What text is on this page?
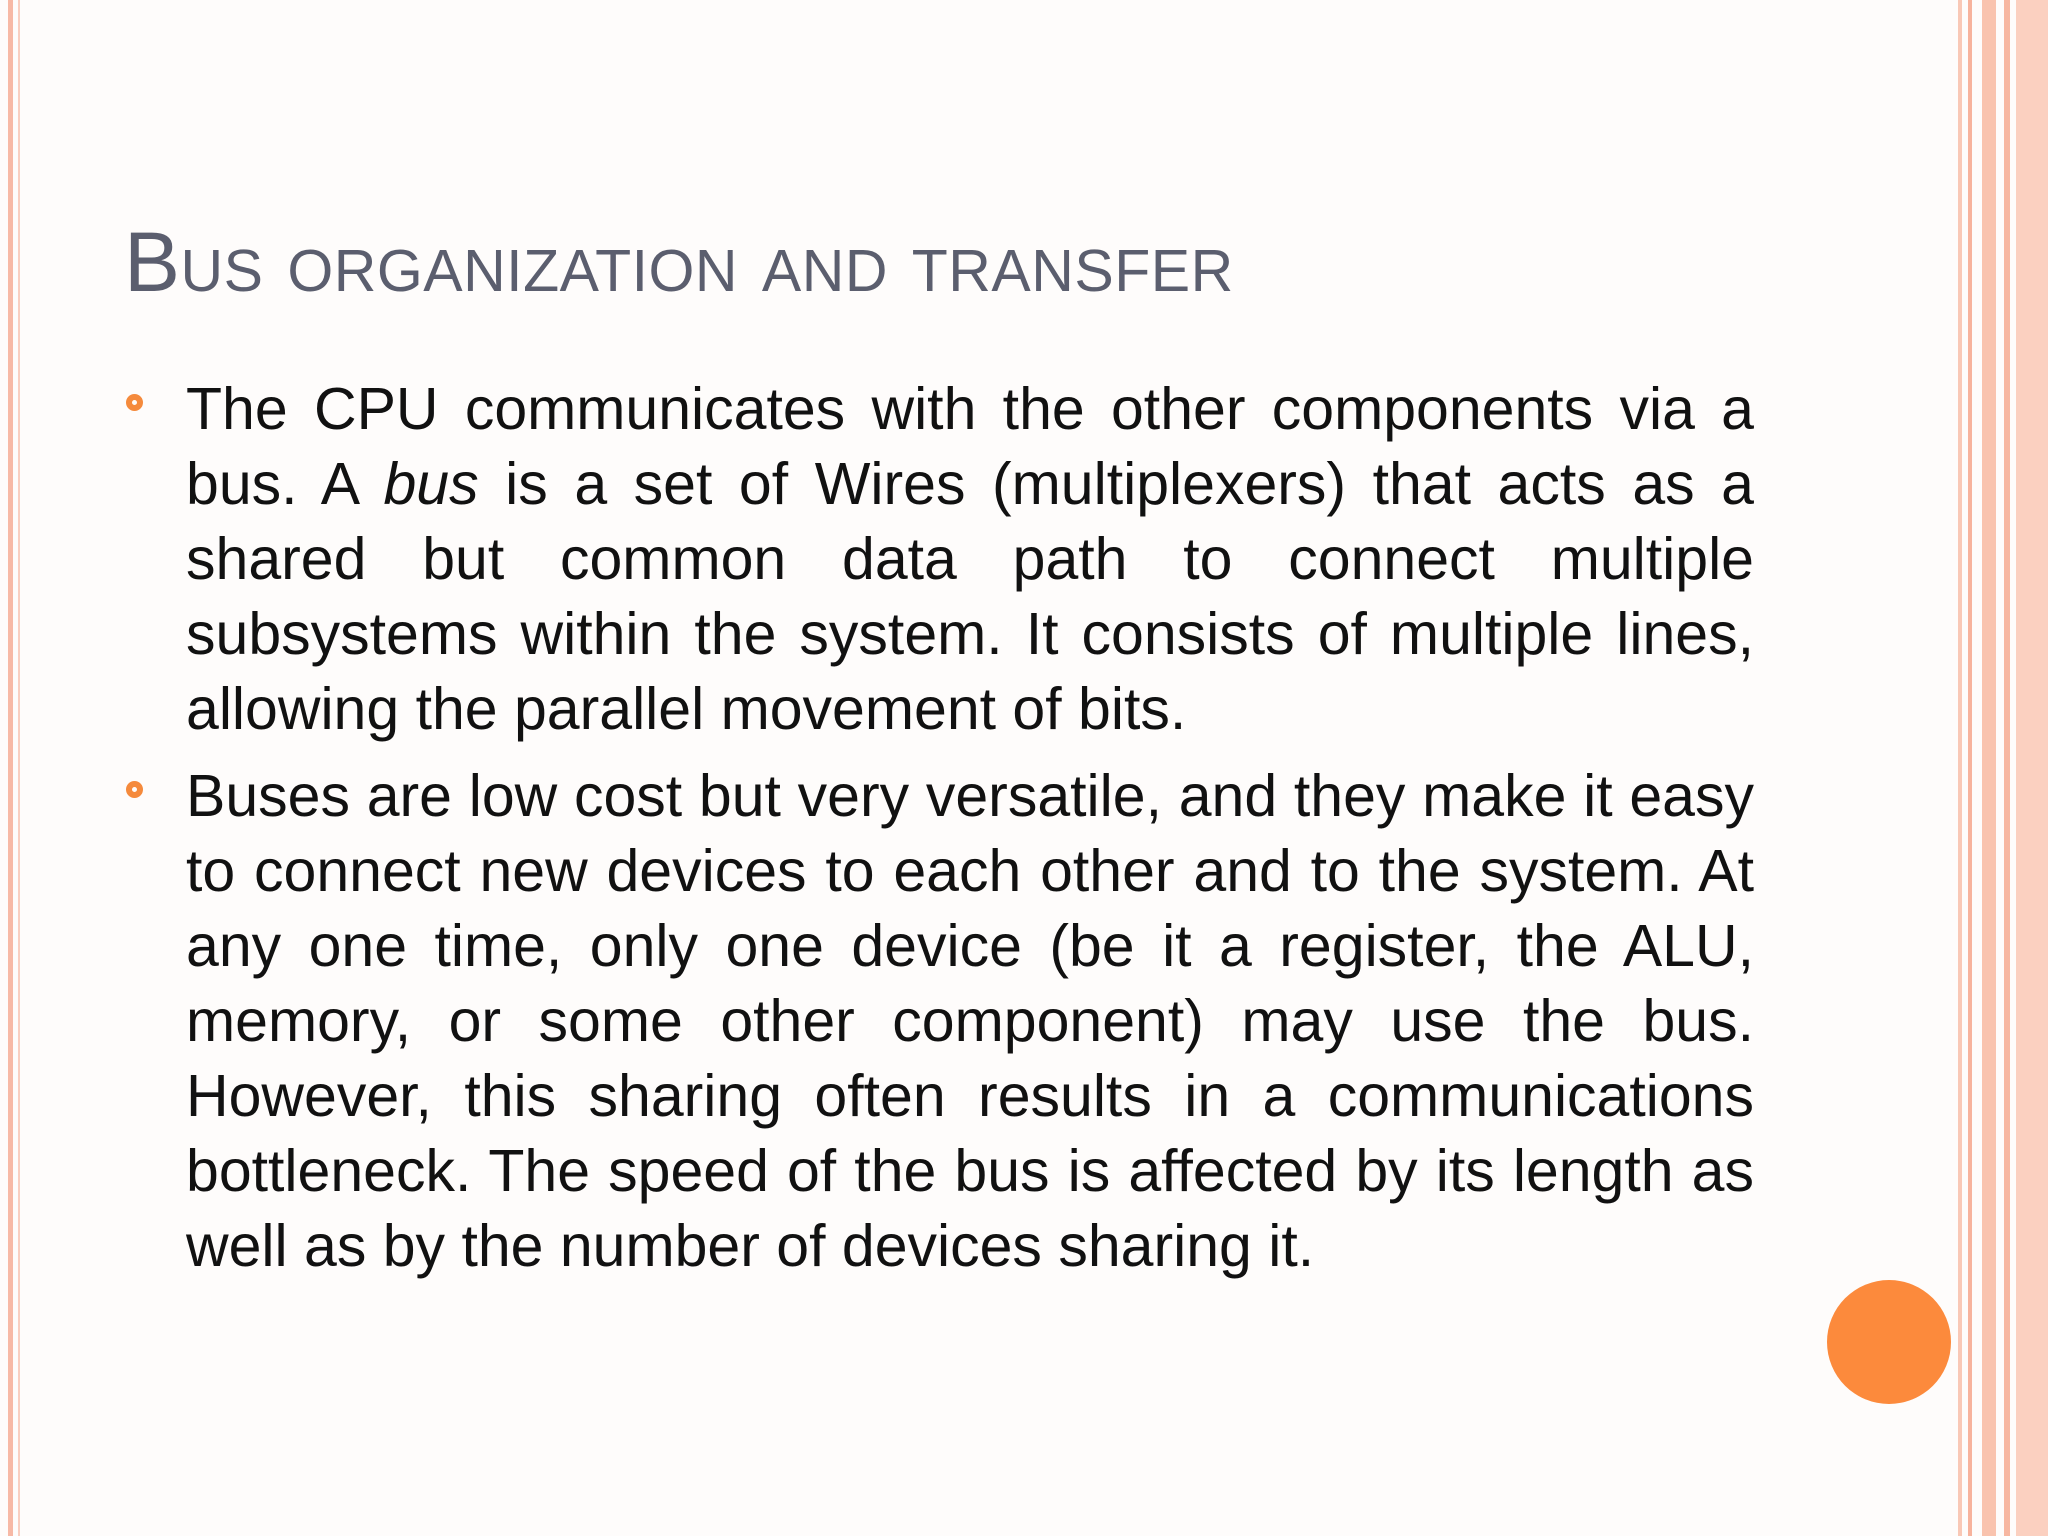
Bus organization and transfer
The CPU communicates with the other components via a bus. A bus is a set of Wires (multiplexers) that acts as a shared but common data path to connect multiple subsystems within the system. It consists of multiple lines, allowing the parallel movement of bits.
Buses are low cost but very versatile, and they make it easy to connect new devices to each other and to the system. At any one time, only one device (be it a register, the ALU, memory, or some other component) may use the bus. However, this sharing often results in a communications bottleneck. The speed of the bus is affected by its length as well as by the number of devices sharing it.
